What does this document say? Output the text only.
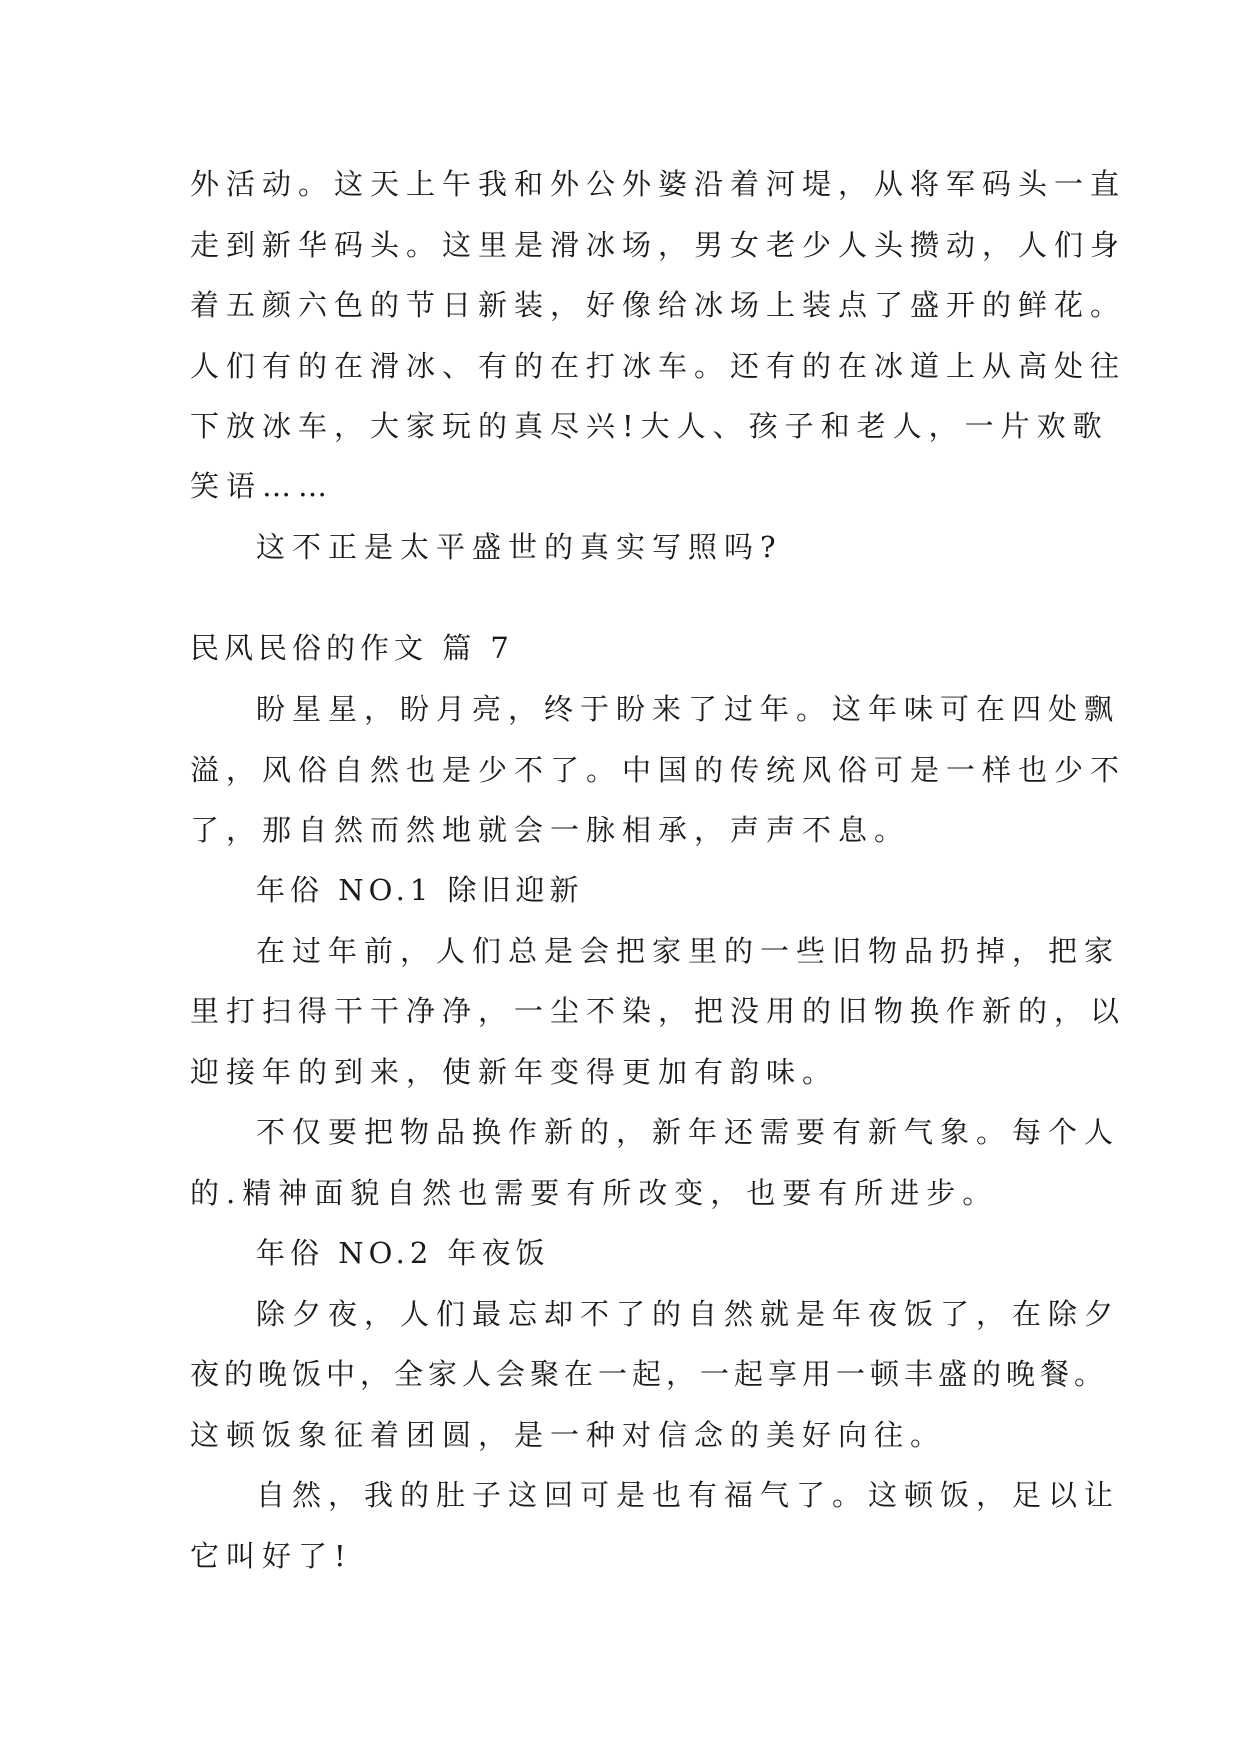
外活动。这天上午我和外公外婆沿着河堤，从将军码头一直
走到新华码头。这里是滑冰场，男女老少人头攒动，人们身
着五颜六色的节日新装，好像给冰场上装点了盛开的鲜花。
人们有的在滑冰、有的在打冰车。还有的在冰道上从高处往
下放冰车，大家玩的真尽兴!大人、孩子和老人，一片欢歌
笑语……
这不正是太平盛世的真实写照吗?
民风民俗的作文 篇 7
盼星星，盼月亮，终于盼来了过年。这年味可在四处飘
溢，风俗自然也是少不了。中国的传统风俗可是一样也少不
了，那自然而然地就会一脉相承，声声不息。
年俗 NO.1 除旧迎新
在过年前，人们总是会把家里的一些旧物品扔掉，把家
里打扫得干干净净，一尘不染，把没用的旧物换作新的，以
迎接年的到来，使新年变得更加有韵味。
不仅要把物品换作新的，新年还需要有新气象。每个人
的.精神面貌自然也需要有所改变，也要有所进步。
年俗 NO.2 年夜饭
除夕夜，人们最忘却不了的自然就是年夜饭了，在除夕
夜的晚饭中，全家人会聚在一起，一起享用一顿丰盛的晚餐。
这顿饭象征着团圆，是一种对信念的美好向往。
自然，我的肚子这回可是也有福气了。这顿饭，足以让
它叫好了!
